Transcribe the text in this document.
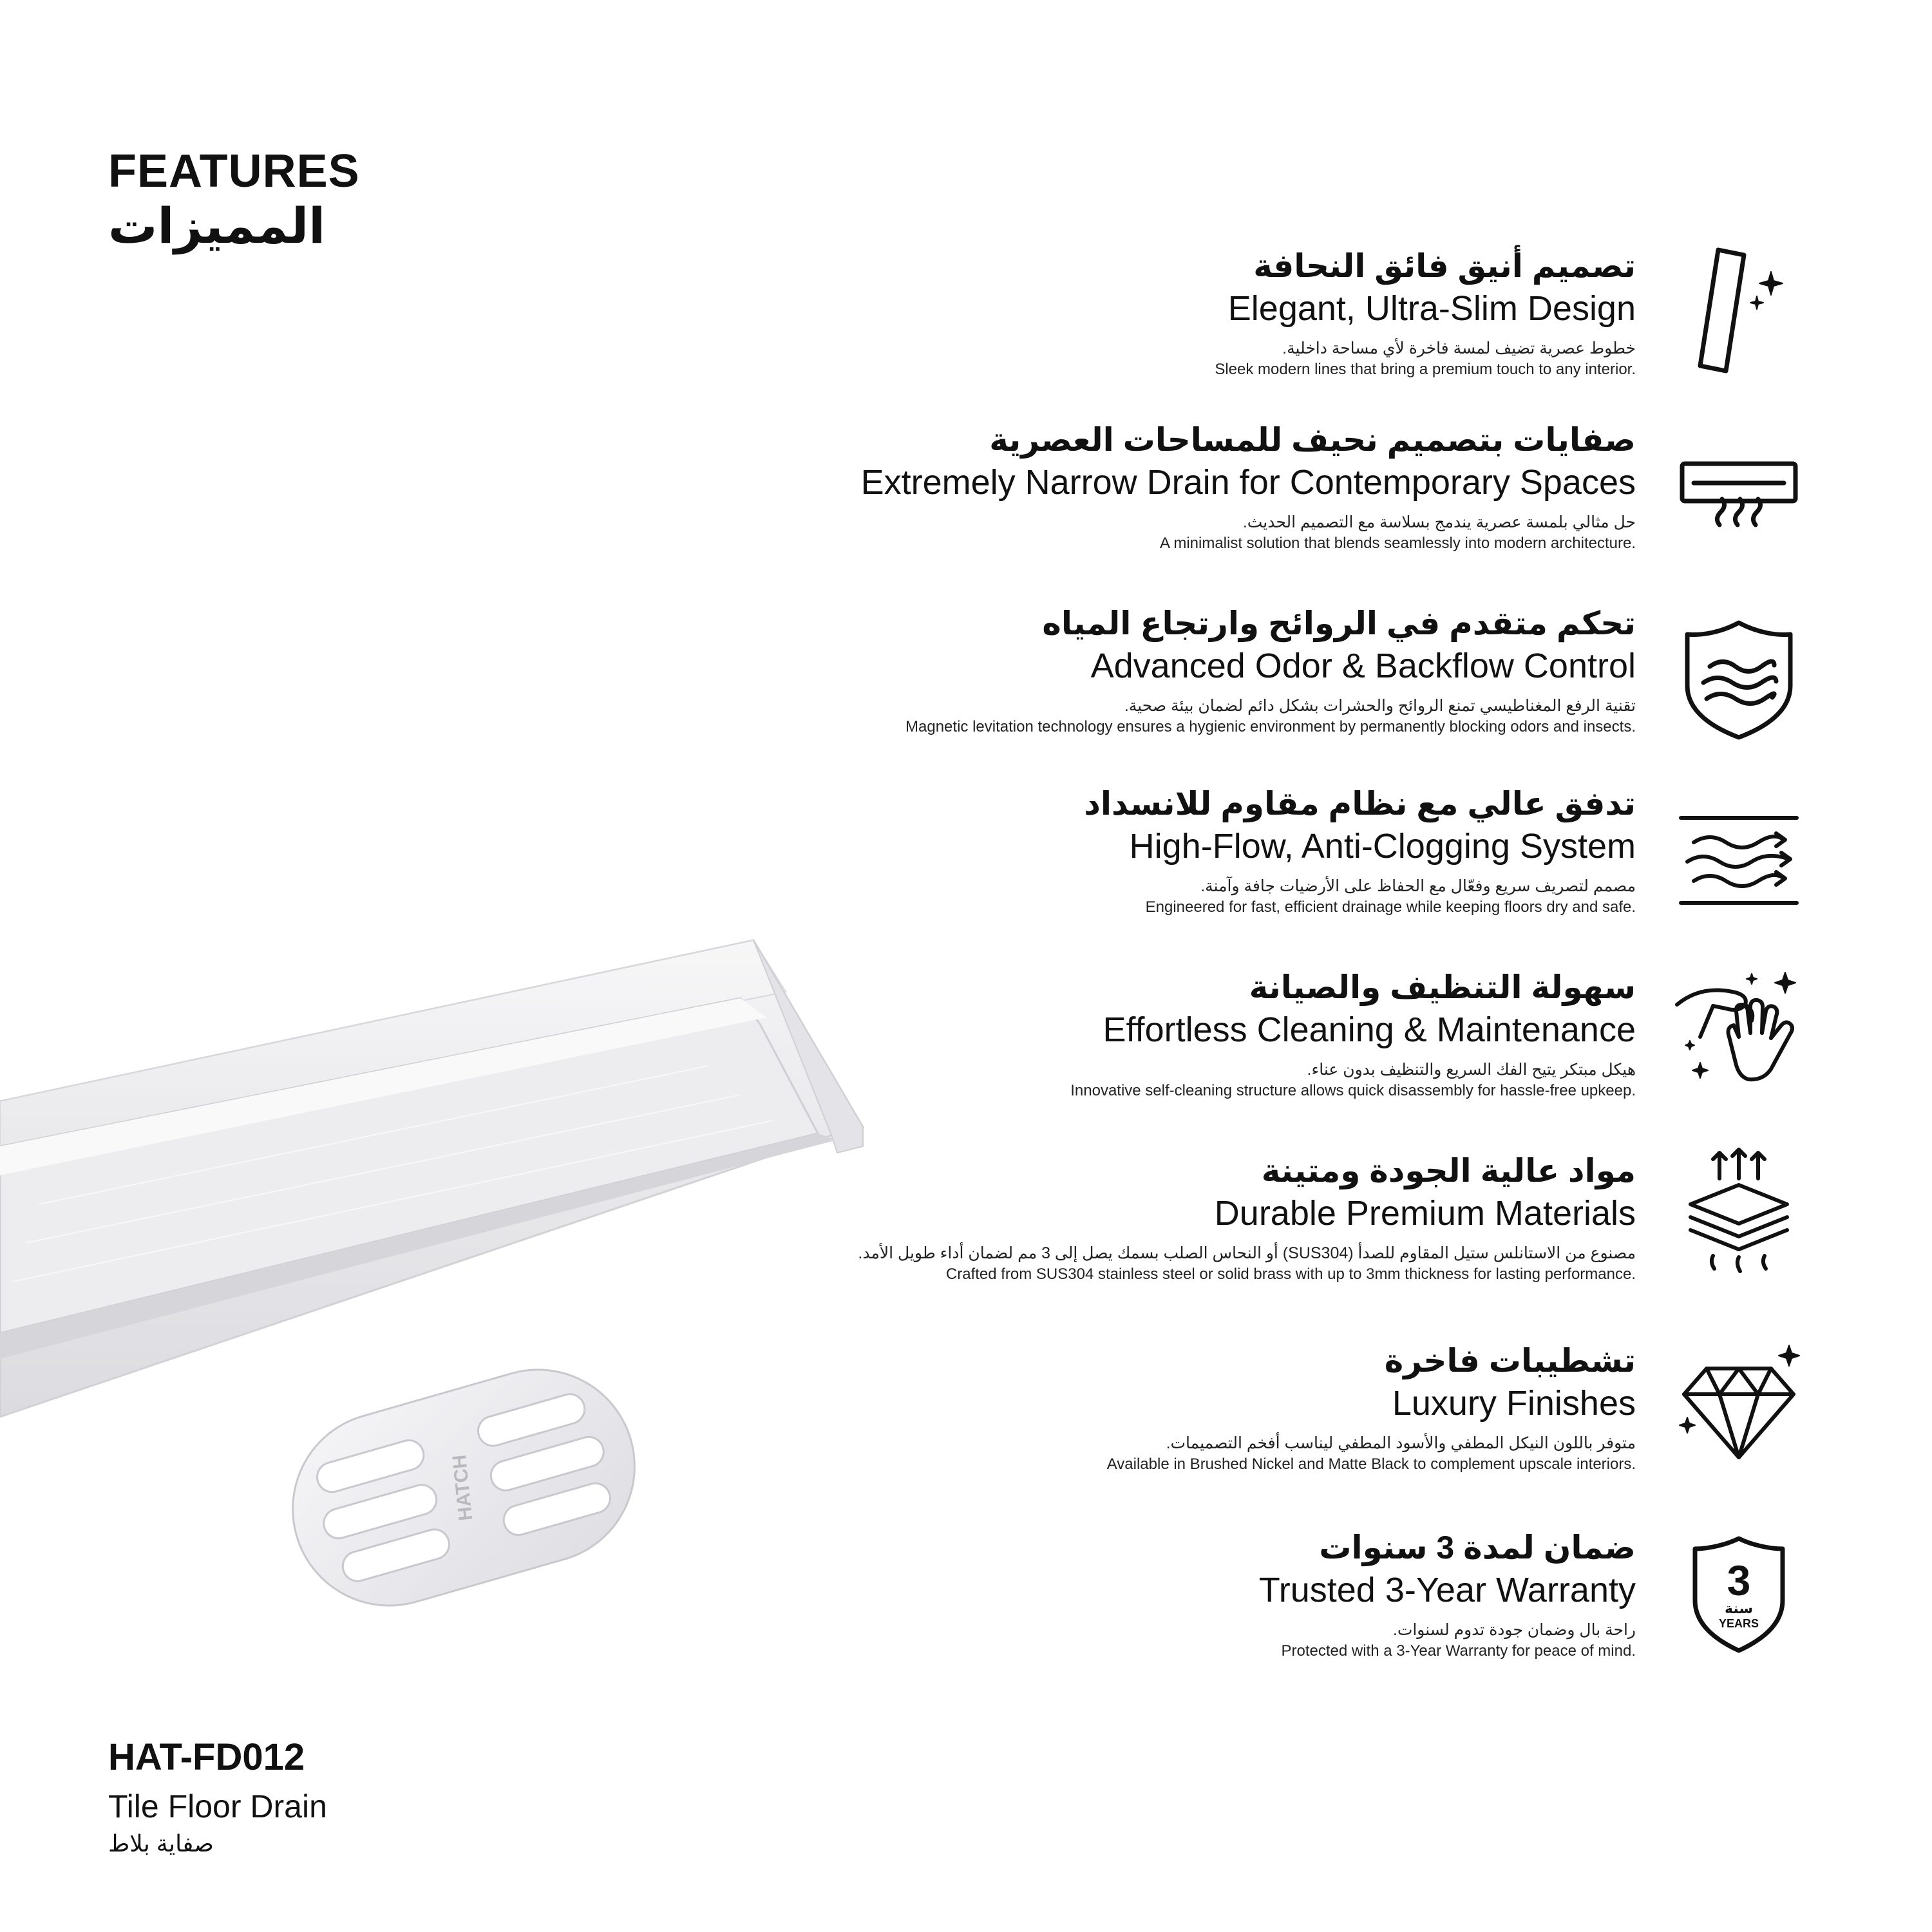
FEATURES
المميزات
تصميم أنيق فائق النحافة
Elegant, Ultra-Slim Design
خطوط عصرية تضيف لمسة فاخرة لأي مساحة داخلية.
Sleek modern lines that bring a premium touch to any interior.
صفايات بتصميم نحيف للمساحات العصرية
Extremely Narrow Drain for Contemporary Spaces
حل مثالي بلمسة عصرية يندمج بسلاسة مع التصميم الحديث.
A minimalist solution that blends seamlessly into modern architecture.
تحكم متقدم في الروائح وارتجاع المياه
Advanced Odor & Backflow Control
تقنية الرفع المغناطيسي تمنع الروائح والحشرات بشكل دائم لضمان بيئة صحية.
Magnetic levitation technology ensures a hygienic environment by permanently blocking odors and insects.
تدفق عالي مع نظام مقاوم للانسداد
High-Flow, Anti-Clogging System
مصمم لتصريف سريع وفعّال مع الحفاظ على الأرضيات جافة وآمنة.
Engineered for fast, efficient drainage while keeping floors dry and safe.
سهولة التنظيف والصيانة
Effortless Cleaning & Maintenance
هيكل مبتكر يتيح الفك السريع والتنظيف بدون عناء.
Innovative self-cleaning structure allows quick disassembly for hassle-free upkeep.
مواد عالية الجودة ومتينة
Durable Premium Materials
مصنوع من الاستانلس ستيل المقاوم للصدأ (SUS304) أو النحاس الصلب بسمك يصل إلى 3 مم لضمان أداء طويل الأمد.
Crafted from SUS304 stainless steel or solid brass with up to 3mm thickness for lasting performance.
تشطيبات فاخرة
Luxury Finishes
متوفر باللون النيكل المطفي والأسود المطفي ليناسب أفخم التصميمات.
Available in Brushed Nickel and Matte Black to complement upscale interiors.
ضمان لمدة 3 سنوات
Trusted 3-Year Warranty
راحة بال وضمان جودة تدوم لسنوات.
Protected with a 3-Year Warranty for peace of mind.
3
سنة
YEARS
HATCH
HAT-FD012
Tile Floor Drain
صفاية بلاط
